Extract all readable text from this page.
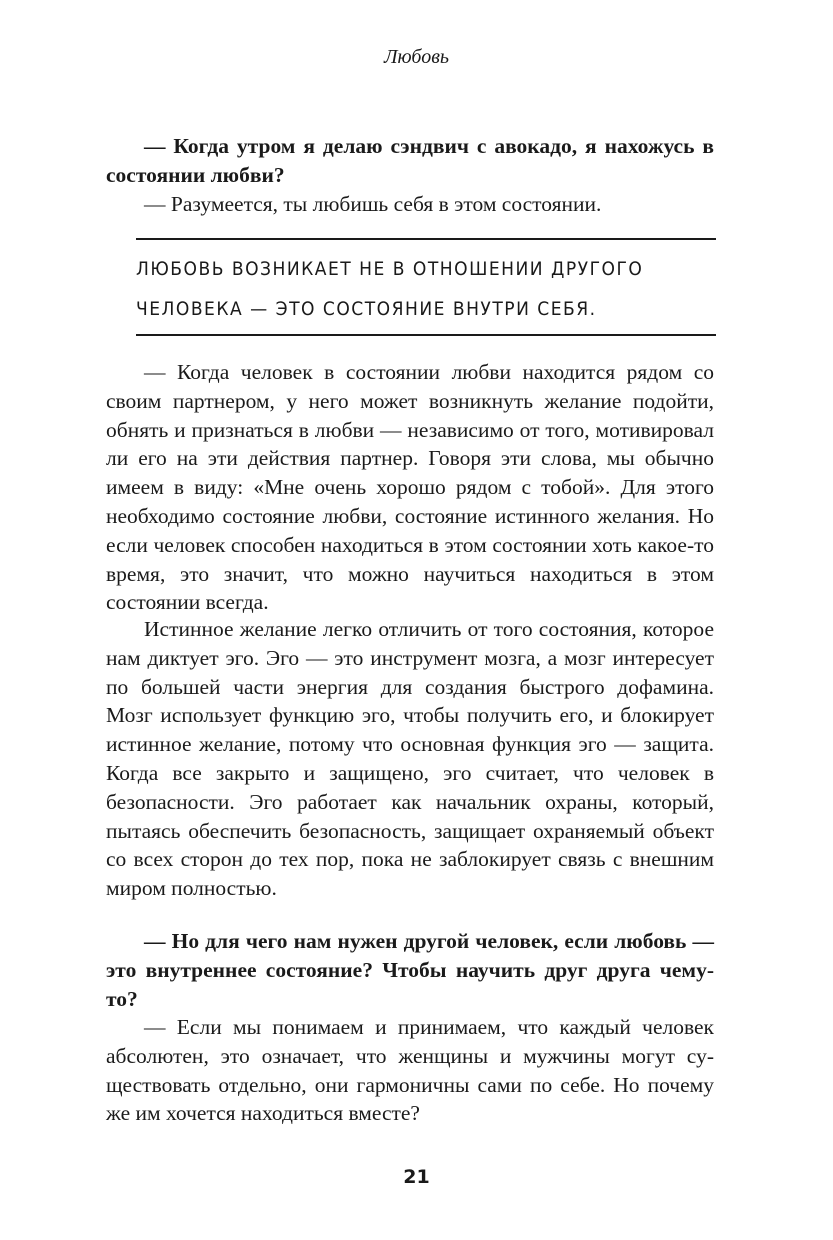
Любовь

— Когда утром я делаю сэндвич с авокадо, я нахожусь в состоянии любви?

— Разумеется, ты любишь себя в этом состоянии.

ЛЮБОВЬ ВОЗНИКАЕТ НЕ В ОТНОШЕНИИ ДРУГОГО
ЧЕЛОВЕКА — ЭТО СОСТОЯНИЕ ВНУТРИ СЕБЯ.

— Когда человек в состоянии любви находится рядом со своим партнером, у него может возникнуть желание подойти, обнять и признаться в любви — независимо от того, мотивировал ли его на эти действия партнер. Говоря эти слова, мы обычно имеем в виду: «Мне очень хорошо рядом с тобой». Для этого необходимо состояние любви, состояние истинного желания. Но если человек способен находиться в этом состоянии хоть какое-то время, это значит, что можно научиться находиться в этом состоянии всегда.

Истинное желание легко отличить от того состояния, которое нам диктует эго. Эго — это инструмент мозга, а мозг интересует по большей части энергия для создания быстрого дофамина. Мозг использует функцию эго, чтобы получить его, и блокирует истинное желание, потому что основная функция эго — защита. Когда все закрыто и защищено, эго считает, что человек в безопасности. Эго работает как начальник охраны, который, пытаясь обеспечить безопасность, защищает охраняемый объект со всех сторон до тех пор, пока не заблокирует связь с внешним миром полностью.

— Но для чего нам нужен другой человек, если любовь — это внутреннее состояние? Чтобы научить друг друга чему-то?

— Если мы понимаем и принимаем, что каждый человек абсолютен, это означает, что женщины и мужчины могут существовать отдельно, они гармоничны сами по себе. Но почему же им хочется находиться вместе?

21
